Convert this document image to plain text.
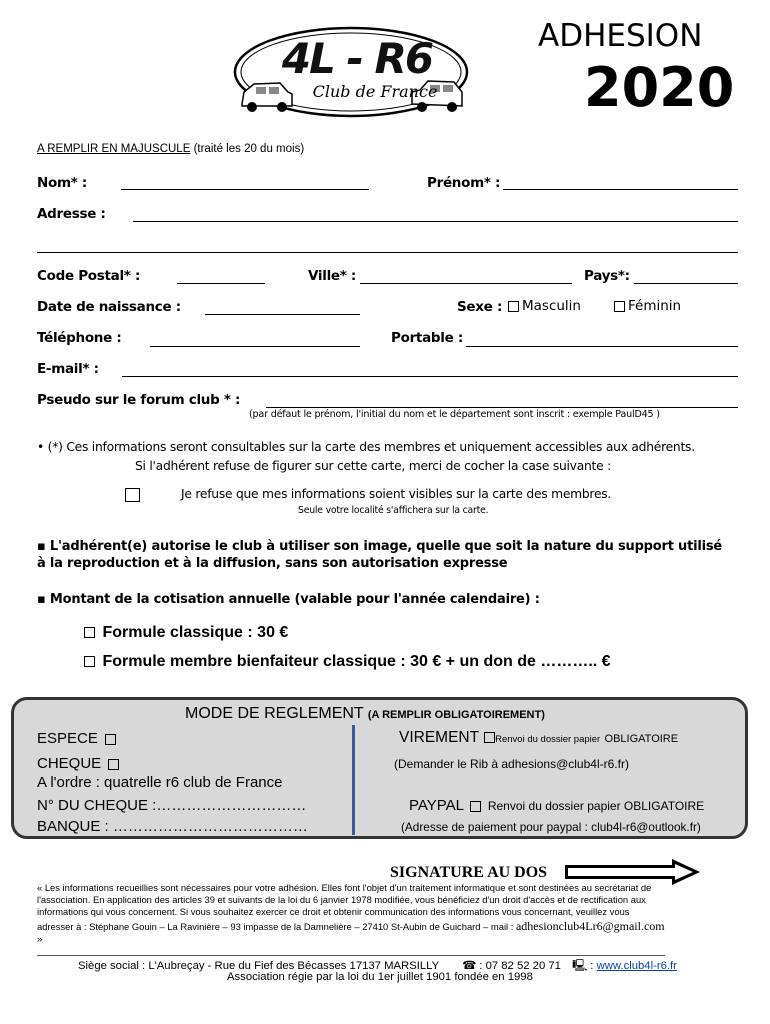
4L - R6
Club de France
ADHESION
2020
A REMPLIR EN MAJUSCULE (traité les 20 du mois)
Nom* :	Prénom* :
Adresse :
Code Postal* :	Ville* :	Pays*:
Date de naissance :	Sexe :	Masculin	Féminin
Téléphone :	Portable :
E-mail* :
Pseudo sur le forum club * :
(par défaut le prénom, l'initial du nom et le département sont inscrit : exemple PaulD45 )
• (*) Ces informations seront consultables sur la carte des membres et uniquement accessibles aux adhérents.
Si l'adhérent refuse de figurer sur cette carte, merci de cocher la case suivante :
Je refuse que mes informations soient visibles sur la carte des membres.
Seule votre localité s'affichera sur la carte.
▪ L'adhérent(e) autorise le club à utiliser son image, quelle que soit la nature du support utilisé
à la reproduction et à la diffusion, sans son autorisation expresse
▪ Montant de la cotisation annuelle (valable pour l'année calendaire) :
Formule classique : 30 €
Formule membre bienfaiteur classique : 30 € + un don de ……….. €
MODE DE REGLEMENT (A REMPLIR OBLIGATOIREMENT)
ESPECE
CHEQUE
A l'ordre : quatrelle r6 club de France
N° DU CHEQUE :…………………………
BANQUE : …………………………………
VIREMENT Renvoi du dossier papier OBLIGATOIRE
(Demander le Rib à adhesions@club4l-r6.fr)
PAYPAL Renvoi du dossier papier OBLIGATOIRE
(Adresse de paiement pour paypal : club4l-r6@outlook.fr)
SIGNATURE AU DOS
« Les informations recueillies sont nécessaires pour votre adhésion. Elles font l'objet d'un traitement informatique et sont destinées au secrétariat de
l'association. En application des articles 39 et suivants de la loi du 6 janvier 1978 modifiée, vous bénéficiez d'un droit d'accès et de rectification aux
informations qui vous concernent. Si vous souhaitez exercer ce droit et obtenir communication des informations vous concernant, veuillez vous
adresser à : Stéphane Gouin – La Ravinière – 93 impasse de la Damnelière – 27410 St-Aubin de Guichard – mail : adhesionclub4Lr6@gmail.com
»
Siège social : L'Aubreçay - Rue du Fief des Bécasses 17137 MARSILLY ☎ : 07 82 52 20 71 🖳 : www.club4l-r6.fr
Association régie par la loi du 1er juillet 1901 fondée en 1998
